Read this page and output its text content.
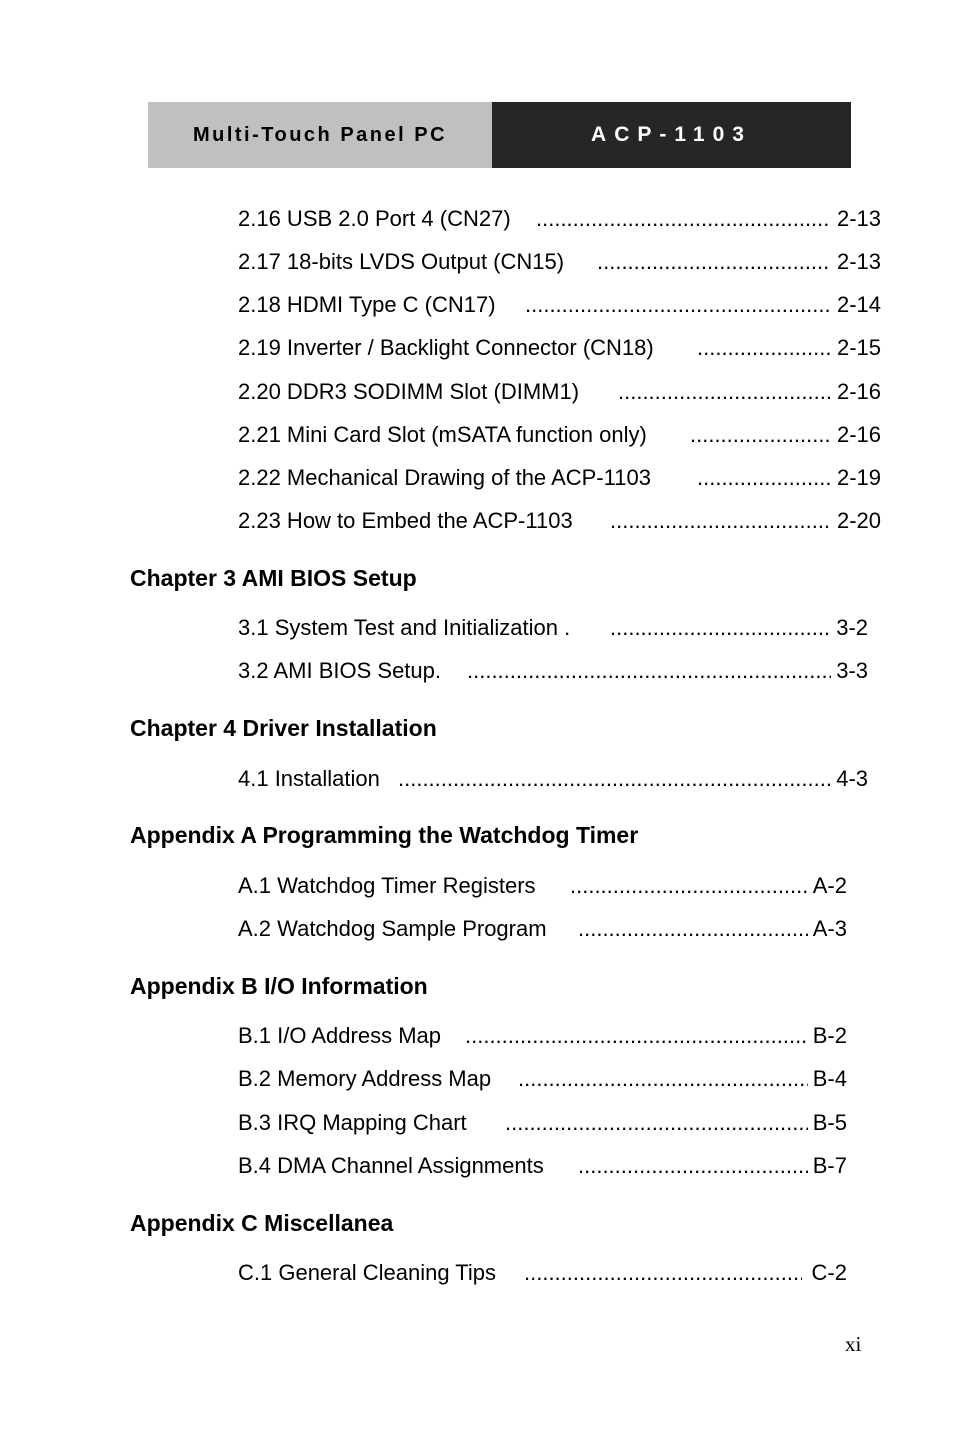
Multi-Touch Panel PC	ACP-1103
2.16 USB 2.0 Port 4 (CN27) .....	2-13
2.17 18-bits LVDS Output (CN15) .....	2-13
2.18 HDMI Type C (CN17) .....	2-14
2.19 Inverter / Backlight Connector (CN18) .....	2-15
2.20 DDR3 SODIMM Slot (DIMM1) .....	2-16
2.21 Mini Card Slot (mSATA function only) .....	2-16
2.22 Mechanical Drawing of the ACP-1103 .....	2-19
2.23 How to Embed the ACP-1103 .....	2-20
Chapter 3 AMI BIOS Setup
3.1 System Test and Initialization . .....	3-2
3.2 AMI BIOS Setup. .....	3-3
Chapter 4 Driver Installation
4.1 Installation .....	4-3
Appendix A Programming the Watchdog Timer
A.1 Watchdog Timer Registers .....	A-2
A.2 Watchdog Sample Program .....	A-3
Appendix B I/O Information
B.1 I/O Address Map .....	B-2
B.2 Memory Address Map .....	B-4
B.3 IRQ Mapping Chart .....	B-5
B.4 DMA Channel Assignments .....	B-7
Appendix C Miscellanea
C.1 General Cleaning Tips .....	C-2
xi
